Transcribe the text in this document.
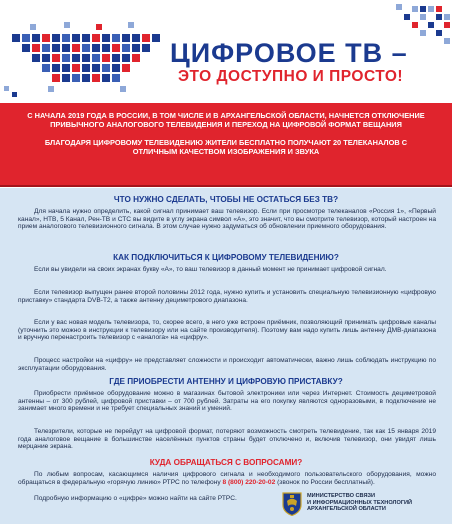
ЦИФРОВОЕ ТВ –
ЭТО ДОСТУПНО И ПРОСТО!
С НАЧАЛА 2019 ГОДА В РОССИИ, В ТОМ ЧИСЛЕ И В АРХАНГЕЛЬСКОЙ ОБЛАСТИ, НАЧНЕТСЯ ОТКЛЮЧЕНИЕ ПРИВЫЧНОГО АНАЛОГОВОГО ТЕЛЕВИДЕНИЯ И ПЕРЕХОД НА ЦИФРОВОЙ ФОРМАТ ВЕЩАНИЯ
БЛАГОДАРЯ ЦИФРОВОМУ ТЕЛЕВИДЕНИЮ ЖИТЕЛИ БЕСПЛАТНО ПОЛУЧАЮТ 20 ТЕЛЕКАНАЛОВ С ОТЛИЧНЫМ КАЧЕСТВОМ ИЗОБРАЖЕНИЯ И ЗВУКА
ЧТО НУЖНО СДЕЛАТЬ, ЧТОБЫ НЕ ОСТАТЬСЯ БЕЗ ТВ?
Для начала нужно определить, какой сигнал принимает ваш телевизор. Если при просмотре телеканалов «Россия 1», «Первый канал», НТВ, 5 Канал, Рен-ТВ и СТС вы видите в углу экрана символ «А», это значит, что вы смотрите телевизор, который настроен на прием аналогового телевизионного сигнала. В этом случае нужно задуматься об обновлении приемного оборудования.
КАК ПОДКЛЮЧИТЬСЯ К ЦИФРОВОМУ ТЕЛЕВИДЕНИЮ?
Если вы увидели на своих экранах букву «А», то ваш телевизор в данный момент не принимает цифровой сигнал.
Если телевизор выпущен ранее второй половины 2012 года, нужно купить и установить специальную телевизионную «цифровую приставку» стандарта DVB-T2, а также антенну дециметрового диапазона.
Если у вас новая модель телевизора, то, скорее всего, в него уже встроен приёмник, позволяющий принимать цифровые каналы (уточнить это можно в инструкции к телевизору или на сайте производителя). Поэтому вам надо купить лишь антенну ДМВ-диапазона и вручную перенастроить телевизор с «аналога» на «цифру».
Процесс настройки на «цифру» не представляет сложности и происходит автоматически, важно лишь соблюдать инструкцию по эксплуатации оборудования.
ГДЕ ПРИОБРЕСТИ АНТЕННУ И ЦИФРОВУЮ ПРИСТАВКУ?
Приобрести приёмное оборудование можно в магазинах бытовой электроники или через Интернет. Стоимость дециметровой антенны – от 300 рублей, цифровой приставки – от 700 рублей. Затраты на его покупку являются одноразовыми, в подключение не занимает много времени и не требует специальных знаний и умений.
Телезрители, которые не перейдут на цифровой формат, потеряют возможность смотреть телевидение, так как 15 января 2019 года аналоговое вещание в большинстве населённых пунктов страны будет отключено и, включив телевизор, они увидят лишь мерцание экрана.
КУДА ОБРАЩАТЬСЯ С ВОПРОСАМИ?
По любым вопросам, касающимся наличия цифрового сигнала и необходимого пользовательского оборудования, можно обращаться в федеральную «горячую линию» РТРС по телефону 8 (800) 220-20-02 (звонок по России бесплатный).
Подробную информацию о «цифре» можно найти на сайте РТРС.	МИНИСТЕРСТВО СВЯЗИ
И ИНФОРМАЦИОННЫХ ТЕХНОЛОГИЙ
АРХАНГЕЛЬСКОЙ ОБЛАСТИ
